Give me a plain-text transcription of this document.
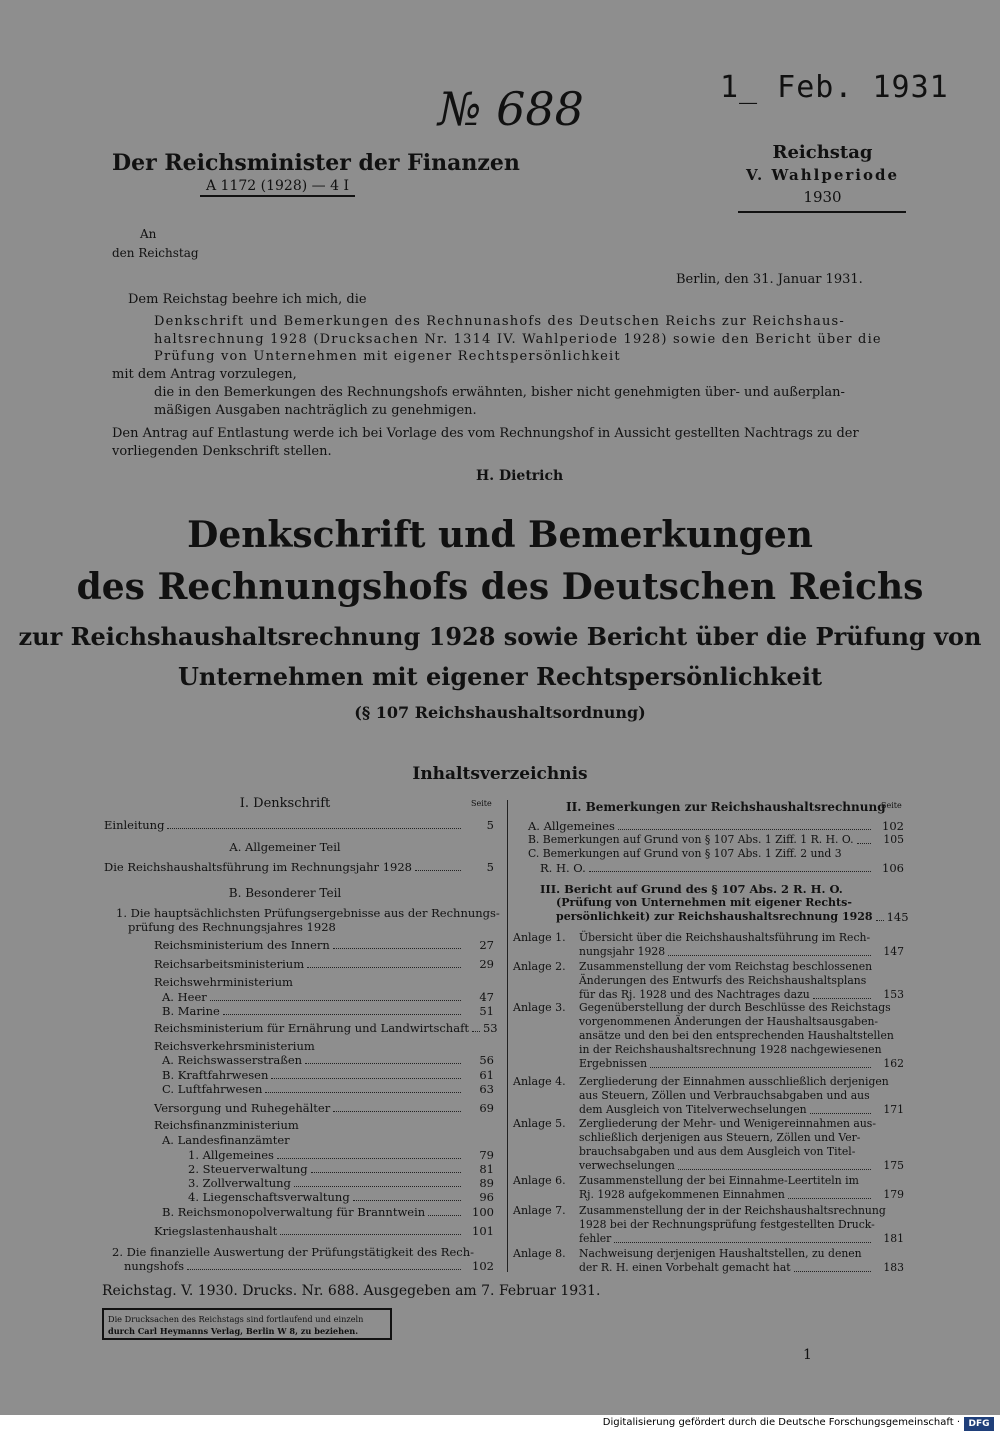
№ 688	1_ Feb. 1931
Der Reichsminister der Finanzen
A 1172 (1928) — 4 I
Reichstag
V. Wahlperiode
1930
An
den Reichstag
Berlin, den 31. Januar 1931.
Dem Reichstag beehre ich mich, die
Denkschrift und Bemerkungen des Rechnunashofs des Deutschen Reichs zur Reichshaus-
haltsrechnung 1928 (Drucksachen Nr. 1314 IV. Wahlperiode 1928) sowie den Bericht über die
Prüfung von Unternehmen mit eigener Rechtspersönlichkeit
mit dem Antrag vorzulegen,
die in den Bemerkungen des Rechnungshofs erwähnten, bisher nicht genehmigten über- und außerplan-
mäßigen Ausgaben nachträglich zu genehmigen.
Den Antrag auf Entlastung werde ich bei Vorlage des vom Rechnungshof in Aussicht gestellten Nachtrags zu der
vorliegenden Denkschrift stellen.
H. Dietrich
Denkschrift und Bemerkungen
des Rechnungshofs des Deutschen Reichs
zur Reichshaushaltsrechnung 1928 sowie Bericht über die Prüfung von
Unternehmen mit eigener Rechtspersönlichkeit
(§ 107 Reichshaushaltsordnung)
Inhaltsverzeichnis
I. Denkschrift	Seite
Einleitung	5
A. Allgemeiner Teil
Die Reichshaushaltsführung im Rechnungsjahr 1928	5
B. Besonderer Teil
1. Die hauptsächlichsten Prüfungsergebnisse aus der Rechnungs-
prüfung des Rechnungsjahres 1928
Reichsministerium des Innern	27
Reichsarbeitsministerium	29
Reichswehrministerium
A. Heer	47
B. Marine	51
Reichsministerium für Ernährung und Landwirtschaft 53
Reichsverkehrsministerium
A. Reichswasserstraßen	56
B. Kraftfahrwesen	61
C. Luftfahrwesen	63
Versorgung und Ruhegehälter	69
Reichsfinanzministerium
A. Landesfinanzämter
1. Allgemeines	79
2. Steuerverwaltung	81
3. Zollverwaltung	89
4. Liegenschaftsverwaltung	96
B. Reichsmonopolverwaltung für Branntwein	100
Kriegslastenhaushalt	101
2. Die finanzielle Auswertung der Prüfungstätigkeit des Rech-
nungshofs	102
II. Bemerkungen zur Reichshaushaltsrechnung
Seite
A. Allgemeines	102
B. Bemerkungen auf Grund von § 107 Abs. 1 Ziff. 1 R. H. O.	105
C. Bemerkungen auf Grund von § 107 Abs. 1 Ziff. 2 und 3
R. H. O.	106
III. Bericht auf Grund des § 107 Abs. 2 R. H. O.
(Prüfung von Unternehmen mit eigener Rechts-
persönlichkeit) zur Reichshaushaltsrechnung 1928 145
Reichstag. V. 1930. Drucks. Nr. 688. Ausgegeben am 7. Februar 1931.
Die Drucksachen des Reichstags sind fortlaufend und einzeln
durch Carl Heymanns Verlag, Berlin W 8, zu beziehen.
1
Anlage 1. Übersicht über die Reichshaushaltsführung im Rech-
nungsjahr 1928	147
Anlage 2. Zusammenstellung der vom Reichstag beschlossenen
Änderungen des Entwurfs des Reichshaushaltsplans
für das Rj. 1928 und des Nachtrages dazu	153
Anlage 3. Gegenüberstellung der durch Beschlüsse des Reichstags
vorgenommenen Änderungen der Haushaltsausgaben-
ansätze und den bei den entsprechenden Haushaltstellen
in der Reichshaushaltsrechnung 1928 nachgewiesenen
Ergebnissen	162
Anlage 4. Zergliederung der Einnahmen ausschließlich derjenigen
aus Steuern, Zöllen und Verbrauchsabgaben und aus
dem Ausgleich von Titelverwechselungen	171
Anlage 5. Zergliederung der Mehr- und Wenigereinnahmen aus-
schließlich derjenigen aus Steuern, Zöllen und Ver-
brauchsabgaben und aus dem Ausgleich von Titel-
verwechselungen	175
Anlage 6. Zusammenstellung der bei Einnahme-Leertiteln im
Rj. 1928 aufgekommenen Einnahmen	179
Anlage 7. Zusammenstellung der in der Reichshaushaltsrechnung
1928 bei der Rechnungsprüfung festgestellten Druck-
fehler	181
Anlage 8. Nachweisung derjenigen Haushaltstellen, zu denen
der R. H. einen Vorbehalt gemacht hat	183
Digitalisierung gefördert durch die Deutsche Forschungsgemeinschaft · DFG
